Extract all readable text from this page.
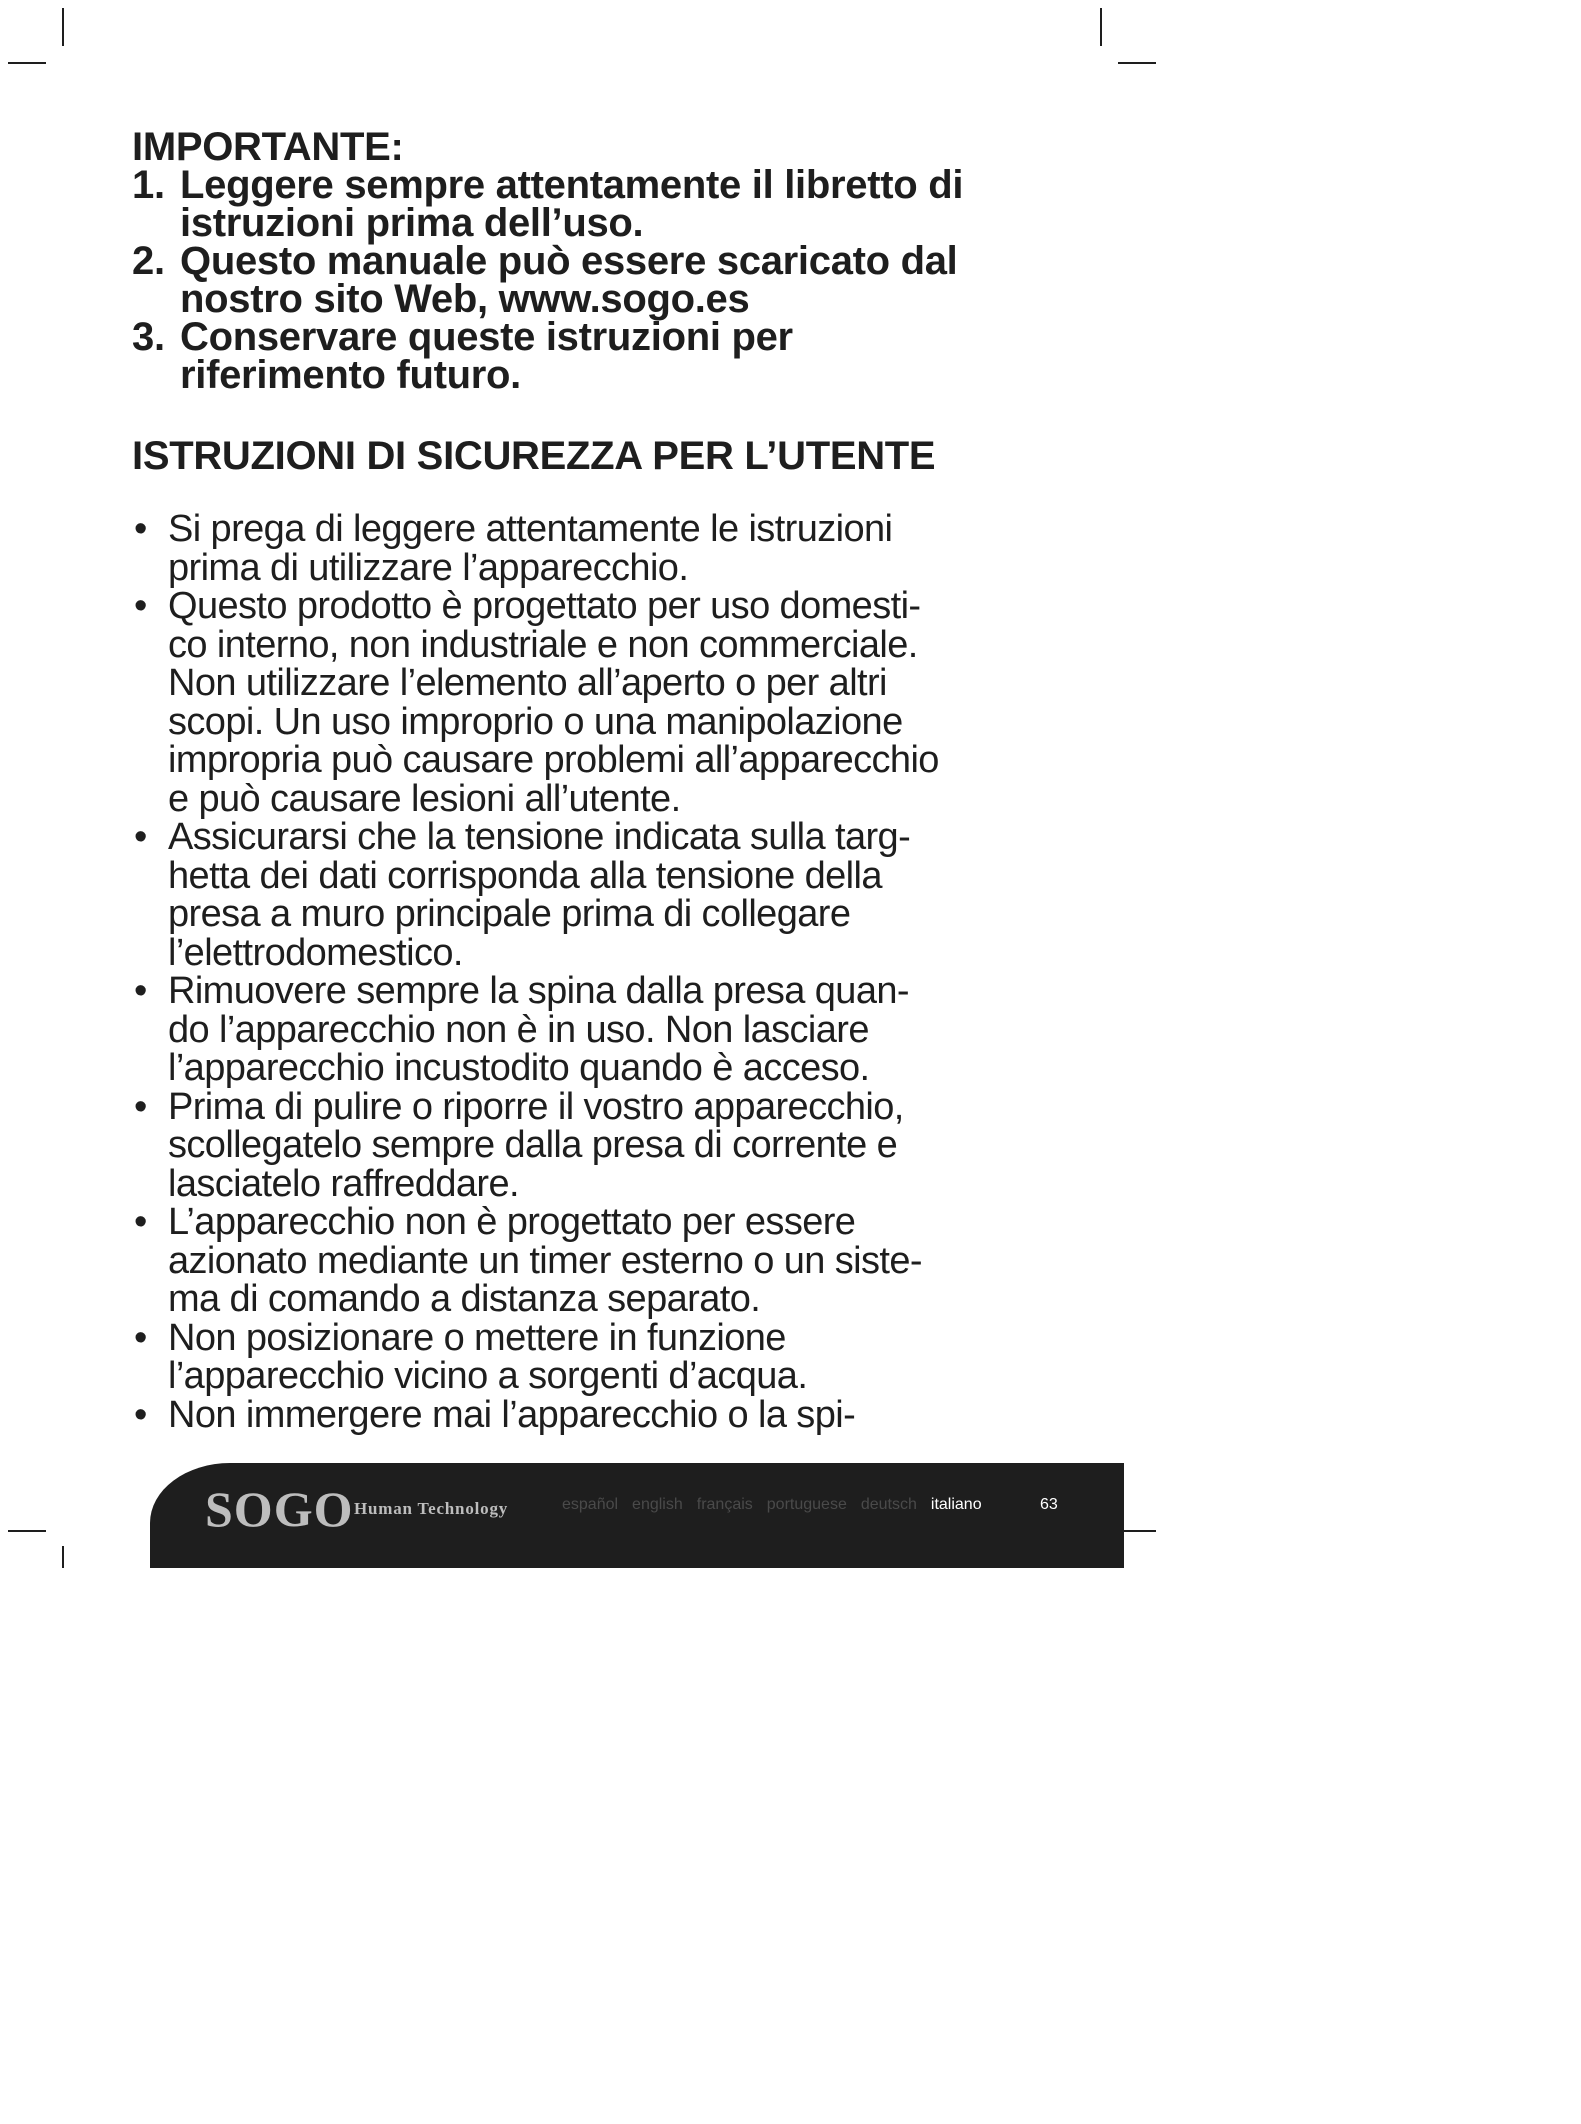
IMPORTANTE:
1. Leggere sempre attentamente il libretto di
istruzioni prima dell’uso.
2. Questo manuale può essere scaricato dal
nostro sito Web, www.sogo.es
3. Conservare queste istruzioni per
riferimento futuro.
ISTRUZIONI DI SICUREZZA PER L’UTENTE
• Si prega di leggere attentamente le istruzioni
prima di utilizzare l’apparecchio.
• Questo prodotto è progettato per uso domesti-
co interno, non industriale e non commerciale.
Non utilizzare l’elemento all’aperto o per altri
scopi. Un uso improprio o una manipolazione
impropria può causare problemi all’apparecchio
e può causare lesioni all’utente.
• Assicurarsi che la tensione indicata sulla targ-
hetta dei dati corrisponda alla tensione della
presa a muro principale prima di collegare
l’elettrodomestico.
• Rimuovere sempre la spina dalla presa quan-
do l’apparecchio non è in uso. Non lasciare
l’apparecchio incustodito quando è acceso.
• Prima di pulire o riporre il vostro apparecchio,
scollegatelo sempre dalla presa di corrente e
lasciatelo raffreddare.
• L’apparecchio non è progettato per essere
azionato mediante un timer esterno o un siste-
ma di comando a distanza separato.
• Non posizionare o mettere in funzione
l’apparecchio vicino a sorgenti d’acqua.
• Non immergere mai l’apparecchio o la spi-
SOGO Human Technology	español english français portuguese deutsch italiano	63
